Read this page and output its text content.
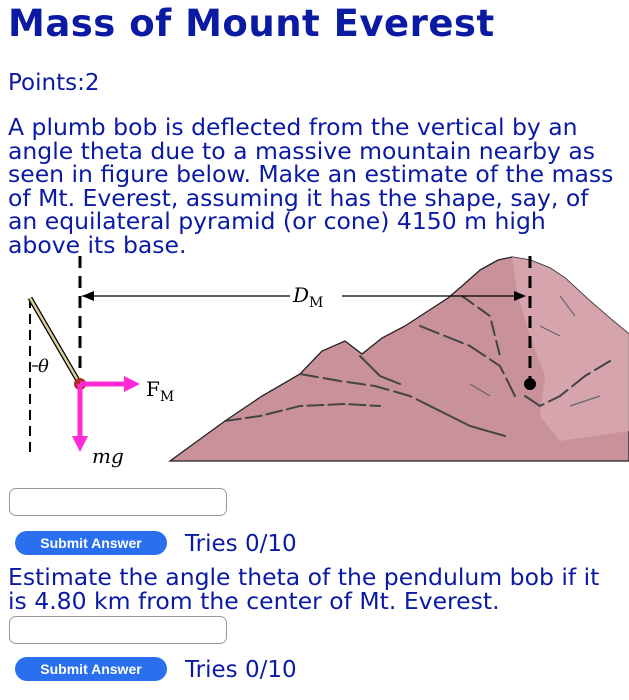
Mass of Mount Everest
Points:2
A plumb bob is deflected from the vertical by an angle theta due to a massive mountain nearby as seen in figure below. Make an estimate of the mass of Mt. Everest, assuming it has the shape, say, of an equilateral pyramid (or cone) 4150 m high above its base.
θ
$F_M$
mg
$D_M$
Submit Answer	Tries 0/10
Estimate the angle theta of the pendulum bob if it is 4.80 km from the center of Mt. Everest.
Submit Answer	Tries 0/10
